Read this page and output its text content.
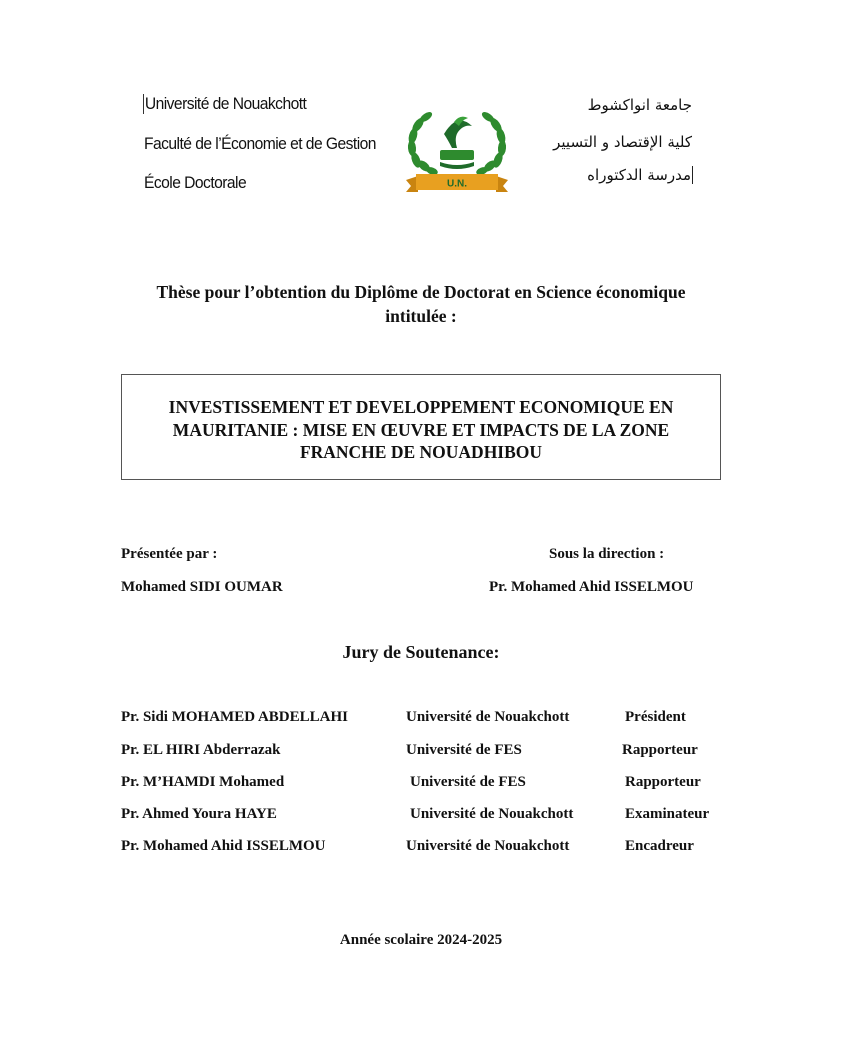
Université de Nouakchott
Faculté de l’Économie et de Gestion
École Doctorale
جامعة انواكشوط
كلية الإقتصاد و التسيير
مدرسة الدكتوراه
U.N.
Thèse pour l’obtention du Diplôme de Doctorat en Science économique
intitulée :
INVESTISSEMENT ET DEVELOPPEMENT ECONOMIQUE EN
MAURITANIE : MISE EN ŒUVRE ET IMPACTS DE LA ZONE
FRANCHE DE NOUADHIBOU
Présentée par :
Mohamed SIDI OUMAR
Sous la direction :
Pr. Mohamed Ahid ISSELMOU
Jury de Soutenance:
Pr. Sidi MOHAMED ABDELLAHI	Université de Nouakchott	Président
Pr. EL HIRI Abderrazak	Université de FES	Rapporteur
Pr. M’HAMDI Mohamed	Université de FES	Rapporteur
Pr. Ahmed Youra HAYE	Université de Nouakchott	Examinateur
Pr. Mohamed Ahid ISSELMOU	Université de Nouakchott	Encadreur
Année scolaire 2024-2025
